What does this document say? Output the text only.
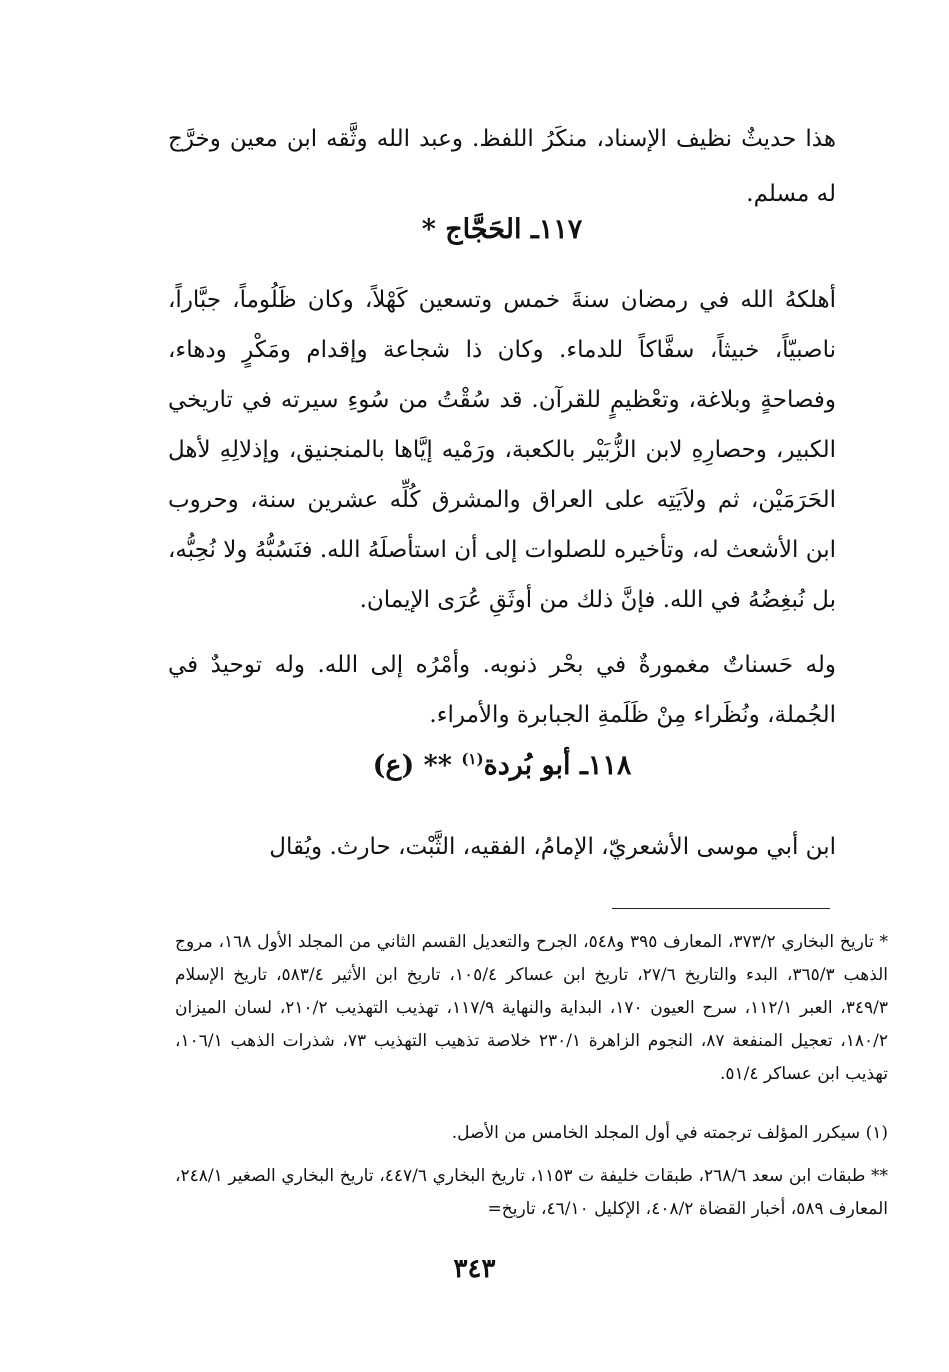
هذا حديثٌ نظيف الإسناد، منكَرُ اللفظ. وعبد الله وثَّقه ابن معين وخرَّج له مسلم.

١١٧ـ الحَجَّاج *

أهلكهُ الله في رمضان سنةَ خمس وتسعين كَهْلاً، وكان ظَلُوماً، جبَّاراً، ناصبيّاً، خبيثاً، سفَّاكاً للدماء. وكان ذا شجاعة وإقدام ومَكْرٍ ودهاء، وفصاحةٍ وبلاغة، وتعْظيمٍ للقرآن. قد سُقْتُ من سُوءِ سيرته في تاريخي الكبير، وحصارِهِ لابن الزُّبَيْر بالكعبة، ورَمْيه إيَّاها بالمنجنيق، وإذلالِهِ لأهل الحَرَمَيْن، ثم ولاَيَتِه على العراق والمشرق كُلِّه عشرين سنة، وحروب ابن الأشعث له، وتأخيره للصلوات إلى أن استأصلَهُ الله. فنَسُبُّهُ ولا نُحِبُّه، بل نُبغِضُهُ في الله. فإنَّ ذلك من أوثَقِ عُرَى الإيمان.

وله حَسناتٌ مغمورةٌ في بحْر ذنوبه. وأمْرُه إلى الله. وله توحيدٌ في الجُملة، ونُظَراء مِنْ ظَلَمةِ الجبابرة والأمراء.

١١٨ـ أبو بُردة$^{(١)}$ ** (ع)

ابن أبي موسى الأشعريّ، الإمامُ، الفقيه، الثَّبْت، حارث. ويُقال

* تاريخ البخاري ٣٧٣/٢، المعارف ٣٩٥ و٥٤٨، الجرح والتعديل القسم الثاني من المجلد الأول ١٦٨، مروج الذهب ٣٦٥/٣، البدء والتاريخ ٢٧/٦، تاريخ ابن عساكر ١٠٥/٤، تاريخ ابن الأثير ٥٨٣/٤، تاريخ الإسلام ٣٤٩/٣، العبر ١١٢/١، سرح العيون ١٧٠، البداية والنهاية ١١٧/٩، تهذيب التهذيب ٢١٠/٢، لسان الميزان ١٨٠/٢، تعجيل المنفعة ٨٧، النجوم الزاهرة ٢٣٠/١ خلاصة تذهيب التهذيب ٧٣، شذرات الذهب ١٠٦/١، تهذيب ابن عساكر ٥١/٤.

(١) سيكرر المؤلف ترجمته في أول المجلد الخامس من الأصل.

** طبقات ابن سعد ٢٦٨/٦، طبقات خليفة ت ١١٥٣، تاريخ البخاري ٤٤٧/٦، تاريخ البخاري الصغير ٢٤٨/١، المعارف ٥٨٩، أخبار القضاة ٤٠٨/٢، الإكليل ٤٦/١٠، تاريخ=

٣٤٣
